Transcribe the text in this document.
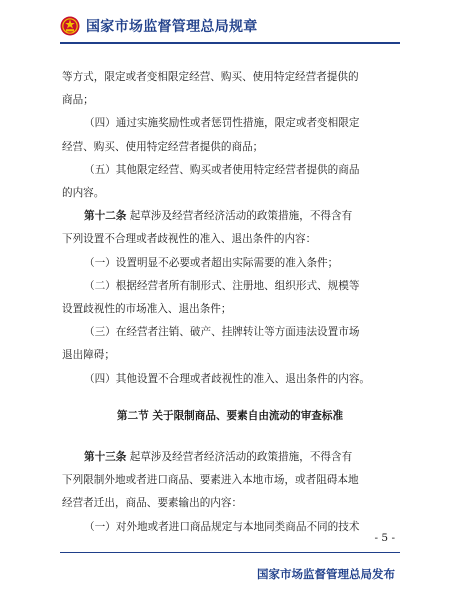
国家市场监督管理总局规章
等方式，限定或者变相限定经营、购买、使用特定经营者提供的
商品；
（四）通过实施奖励性或者惩罚性措施，限定或者变相限定
经营、购买、使用特定经营者提供的商品；
（五）其他限定经营、购买或者使用特定经营者提供的商品
的内容。
第十二条 起草涉及经营者经济活动的政策措施，不得含有
下列设置不合理或者歧视性的准入、退出条件的内容：
（一）设置明显不必要或者超出实际需要的准入条件；
（二）根据经营者所有制形式、注册地、组织形式、规模等
设置歧视性的市场准入、退出条件；
（三）在经营者注销、破产、挂牌转让等方面违法设置市场
退出障碍；
（四）其他设置不合理或者歧视性的准入、退出条件的内容。
第二节 关于限制商品、要素自由流动的审查标准
第十三条 起草涉及经营者经济活动的政策措施，不得含有
下列限制外地或者进口商品、要素进入本地市场，或者阻碍本地
经营者迁出，商品、要素输出的内容：
（一）对外地或者进口商品规定与本地同类商品不同的技术
- 5 -
国家市场监督管理总局发布
